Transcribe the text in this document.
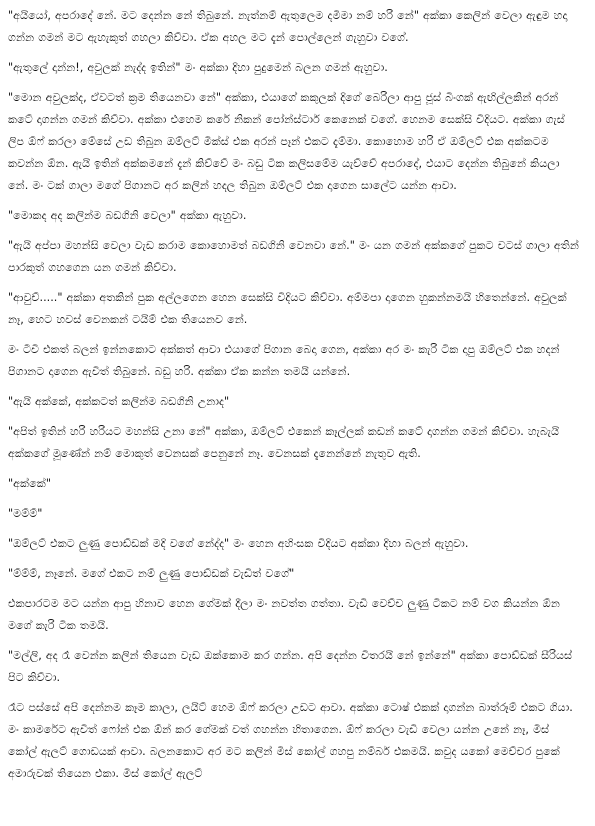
"අයියෝ, අපරාදේ නේ. මට දෙන්න නේ තිබුනේ. නැත්නම් ඇතුලෙම දමිමා නම් හරි නේ" අක්කා කෙලින් වෙලා ඇඳුම හදා ගන්න ගමන් මට ඇහැකුත් ගහලා කිව්වා. ඒක අහල මට දැන් පොල්ලෙන් ගැහුවා වගේ.

"ඇතුලේ දාන්න!, අවුලක් නැද්ද ඉතින්" මං අක්කා දිහා පුදුමෙන් බලන ගමන් ඇහුවා.

"මොන අවුලක්ද, ඒවටත් ක්‍රම තියෙනවා නේ" අක්කා, එයාගේ කකුලක් දිගේ බෙරිලා ආපු ජූස් බිංගක් ඇඟිල්ලකින් අරන් කටේ දාගන්න ගමන් කිව්වා. අක්කා එහෙම කරේ නිකන් පෝන්ස්ටාර් කෙනෙක් වගේ. හෙනම සෙක්සි විදියට. අක්කා ගැස් ලිප ඕෆ් කරලා මේසේ උඩ තිබුන ඔම්ලට් මික්ස් එක අරන් පෑන් එකට දැම්මා. කොහොම හරි ඒ ඔම්ලට් එක අක්කටම කවන්න ඕන. ඇයි ඉතින් අක්කමනේ දැන් කිව්වේ මං බඩු ටික කලිසමේම යැව්වේ අපරාදේ, එයාට දෙන්න තිබුනේ කියලා නේ. මං ටක් ගාලා මගේ පිගානට අර කලින් හදල තිබුන ඔම්ලට් එක දාගෙන සාලේට යන්න ආවා.

"මොකද අද කලින්ම බඩගිනි වෙලා" අක්කා ඇහුවා.

"ඇයි අප්පා මහන්සි වෙලා වැඩ කරාම කොහොමත් බඩගිනි වෙනවා නේ." මං යන ගමන් අක්කගේ පුකට චටස් ගාලා අතින් පාරකුත් ගහගෙන යන ගමන් කිව්වා.

"ආවුච්....." අක්කා අතකින් පුක අල්ලගෙන හෙන සෙක්සි විදියට කිව්වා. අම්මපා දාගෙන හුකන්නමයි හිතෙන්නේ. අවුලක් නෑ, හෙට හවස් වෙනකන් ටයිම් එක තියෙනව නේ.

මං ටීවි එකත් බලන් ඉන්නකොට අක්කත් ආවා එයාගේ පිගාන බෙදා ගෙන, අක්කා අර මං කැරි ටික දාපු ඔම්ලට් එක හදන් පිගානට දාගෙන ඇවිත් තිබුනේ. බඩු හරි. අක්කා ඒක කන්න තමයි යන්නේ.

"ඇයි අක්කේ, අක්කටත් කලින්ම බඩගිනි උනාද"

"අපිත් ඉතින් හරි හරියට මහන්සි උනා නේ" අක්කා, ඔම්ලට් එකෙන් කෑල්ලක් කඩන් කටේ දාගන්න ගමන් කිව්වා. හැබැයි අක්කගේ මූණේන් නම් මොකුත් වෙනසක් පෙනුනේ නෑ. වෙනසක් දැනෙන්නේ නැතුව ඇති.

"අක්කේ"

"මම්ම්"

"ඔම්ලට් එකට ලුණු පොඩ්ඩක් මදි වගේ නේද්ද" මං හෙන අහිංසක විදියට අක්කා දිහා බලන් ඇහුවා.

"ම්ම්ම්, නෑනේ. මගේ එකට නම් ලුණු පොඩ්ඩක් වැඩිත් වගේ"

එකපාරටම මට යන්න ආපු හිනාව හෙන ගේමක් දීලා මං නවත්ත ගත්තා. වැඩි වෙච්ච ලුණු ටිකට නම් වග කියන්න ඕන මගේ කැරි ටික තමයි.

"මල්ලි, අද රෑ වෙන්න කලින් තියෙන වැඩ ඔක්කොම කර ගන්න. අපි දෙන්න විතරයි නේ ඉන්නේ" අක්කා පොඩ්ඩක් සීරියස් පිට කිව්වා.

රෑට පස්සේ අපි දෙන්නම කෑම කාලා, ලයිට් හෙම ඕෆ් කරලා උඩට ආවා. අක්කා ටොෂ් එකක් දාගන්න බාත්රූම් එකට ගියා. මං කාමරේට ඇවිත් ෆෝන් එක ඕන් කර ගේමක් වත් ගහන්න හිතාගෙන. ඕෆ් කරලා වැඩි වෙලා යන්න උනේ නෑ, මිස් කෝල් ඇලට් ගොඩයක් ආවා. බලනකොට අර මට කලින් මිස් කෝල් ගහපු නම්බර් එකමයි. කවුද යකෝ මෙච්චර පුකේ අමාරුවක් තියෙන එකා. මිස් කෝල් ඇලට්
